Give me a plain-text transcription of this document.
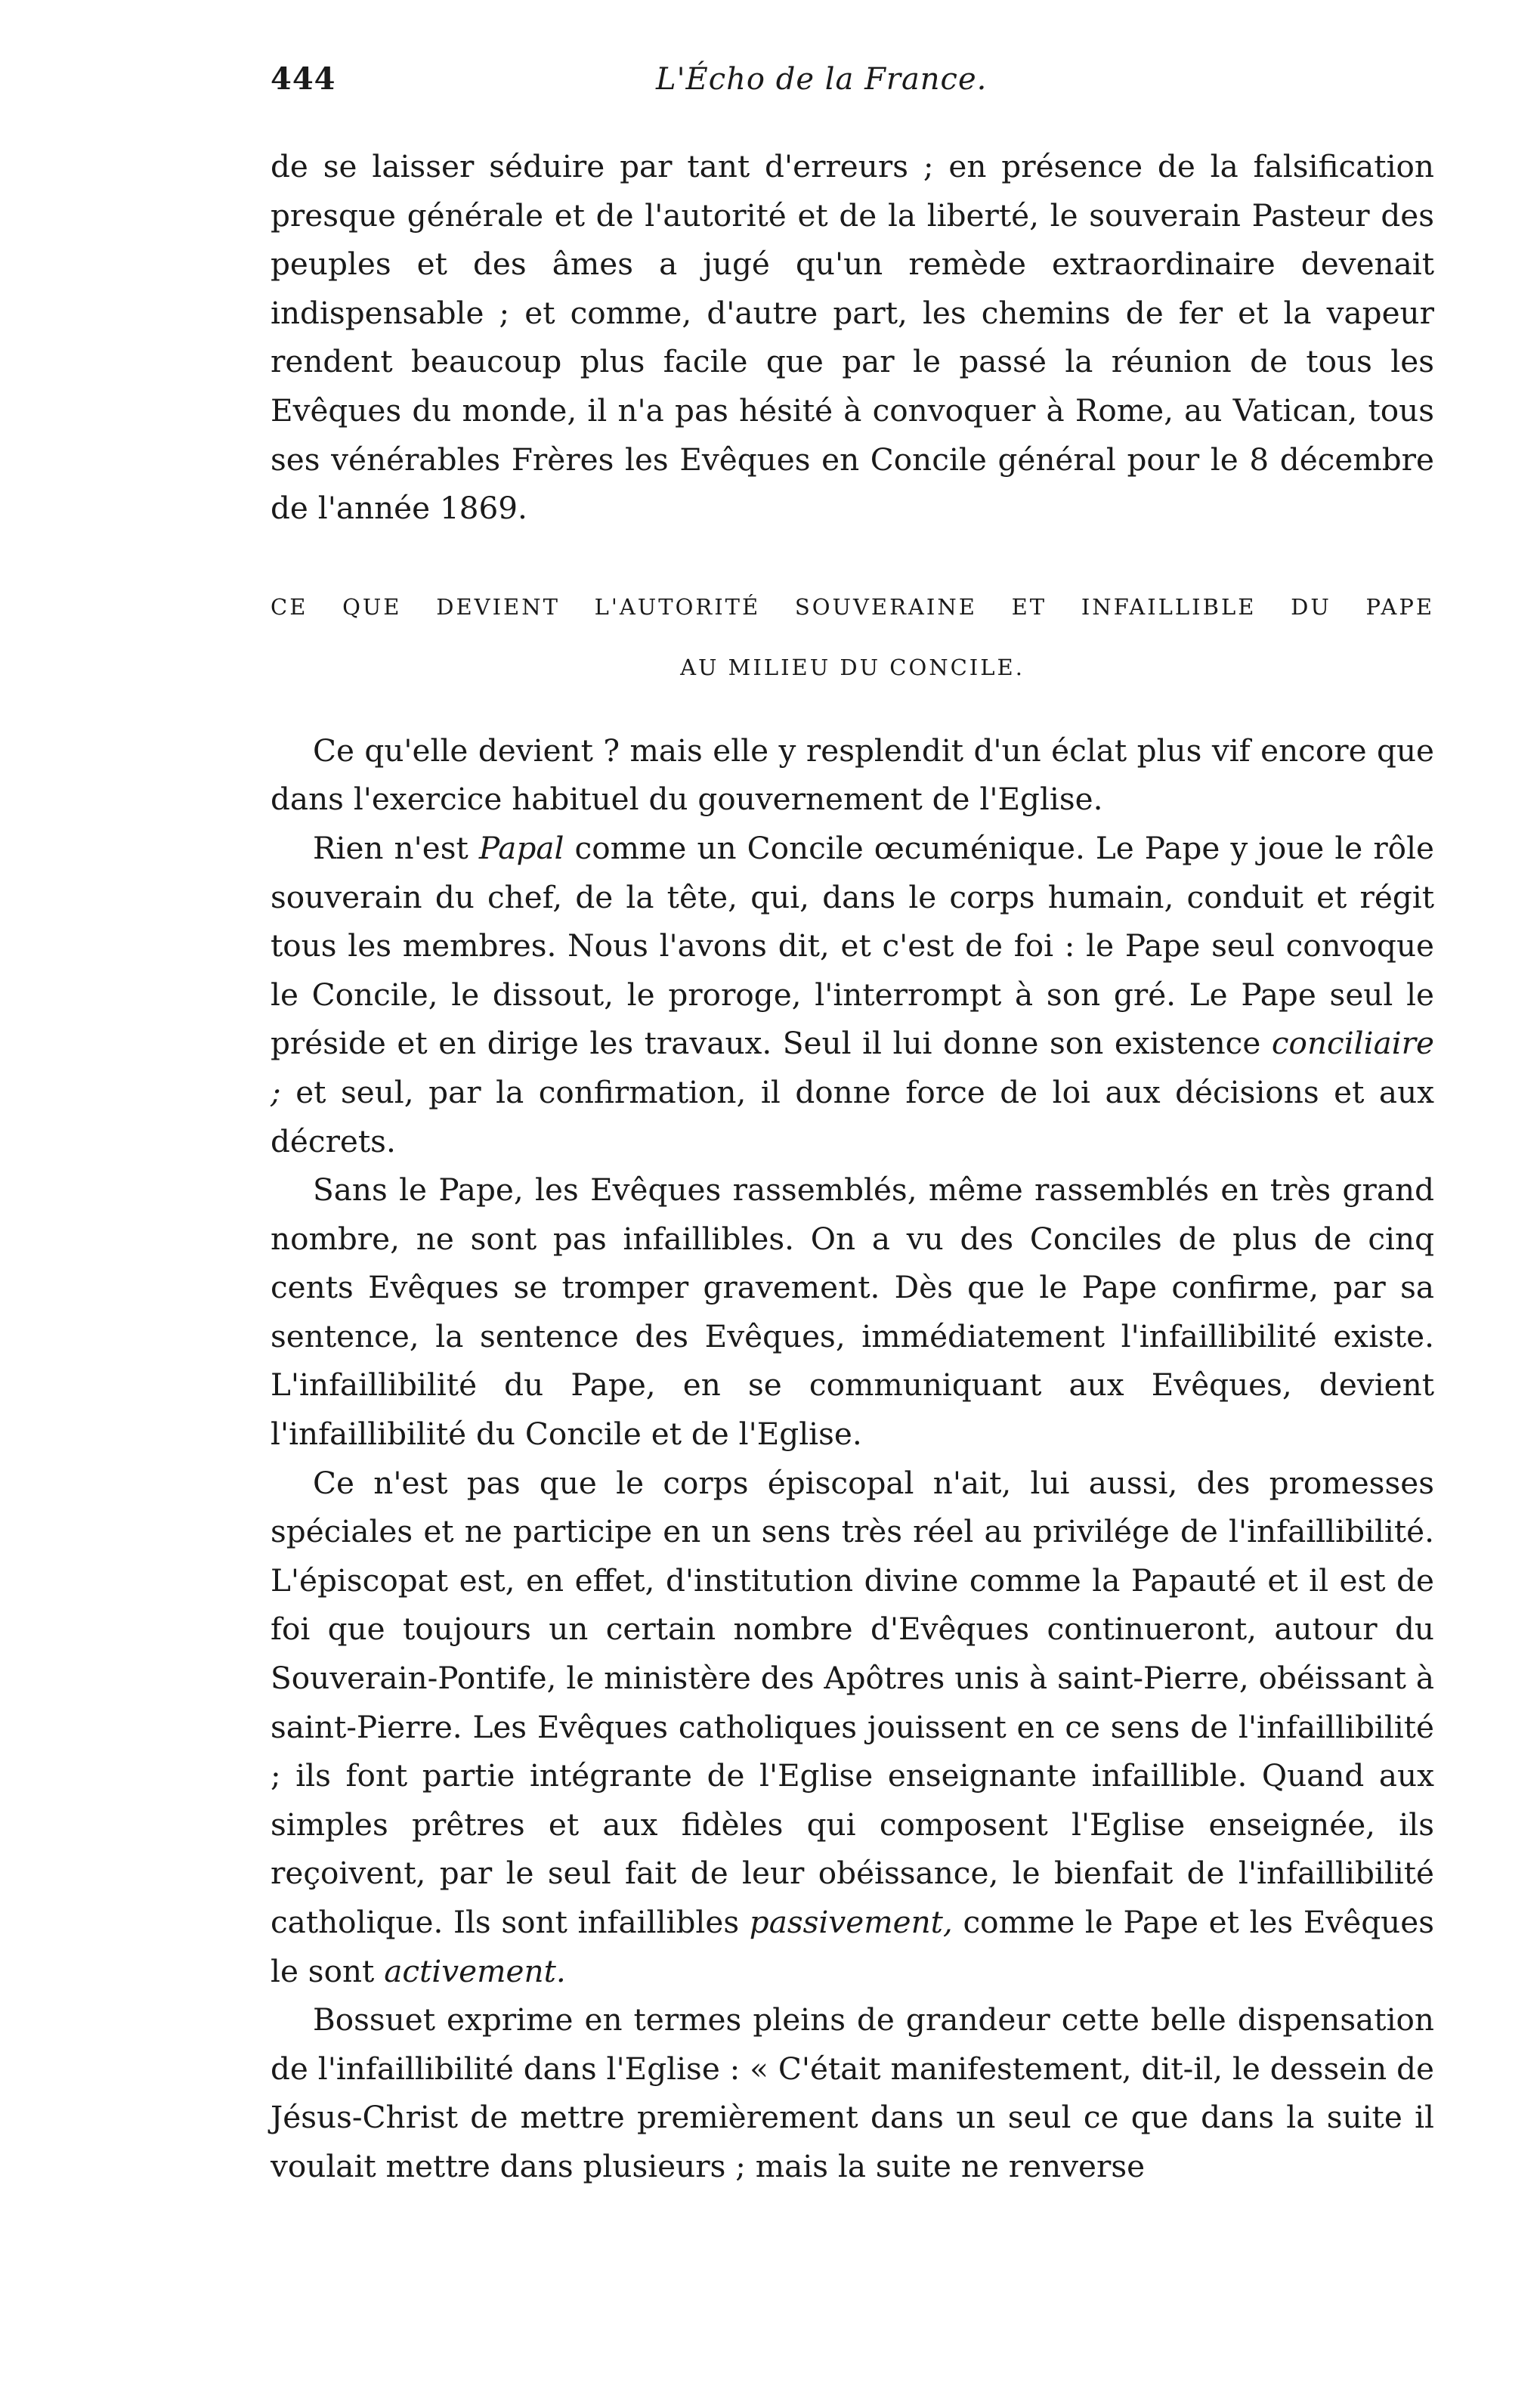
444	L'Écho de la France.

de se laisser séduire par tant d'erreurs ; en présence de la falsification presque générale et de l'autorité et de la liberté, le souverain Pasteur des peuples et des âmes a jugé qu'un remède extraordinaire devenait indispensable ; et comme, d'autre part, les chemins de fer et la vapeur rendent beaucoup plus facile que par le passé la réunion de tous les Evêques du monde, il n'a pas hésité à convoquer à Rome, au Vatican, tous ses vénérables Frères les Evêques en Concile général pour le 8 décembre de l'année 1869.

CE QUE DEVIENT L'AUTORITÉ SOUVERAINE ET INFAILLIBLE DU PAPE
AU MILIEU DU CONCILE.

Ce qu'elle devient ? mais elle y resplendit d'un éclat plus vif encore que dans l'exercice habituel du gouvernement de l'Eglise.

Rien n'est Papal comme un Concile œcuménique. Le Pape y joue le rôle souverain du chef, de la tête, qui, dans le corps humain, conduit et régit tous les membres. Nous l'avons dit, et c'est de foi : le Pape seul convoque le Concile, le dissout, le proroge, l'interrompt à son gré. Le Pape seul le préside et en dirige les travaux. Seul il lui donne son existence conciliaire ; et seul, par la confirmation, il donne force de loi aux décisions et aux décrets.

Sans le Pape, les Evêques rassemblés, même rassemblés en très grand nombre, ne sont pas infaillibles. On a vu des Conciles de plus de cinq cents Evêques se tromper gravement. Dès que le Pape confirme, par sa sentence, la sentence des Evêques, immédiatement l'infaillibilité existe. L'infaillibilité du Pape, en se communiquant aux Evêques, devient l'infaillibilité du Concile et de l'Eglise.

Ce n'est pas que le corps épiscopal n'ait, lui aussi, des promesses spéciales et ne participe en un sens très réel au privilége de l'infaillibilité. L'épiscopat est, en effet, d'institution divine comme la Papauté et il est de foi que toujours un certain nombre d'Evêques continueront, autour du Souverain-Pontife, le ministère des Apôtres unis à saint-Pierre, obéissant à saint-Pierre. Les Evêques catholiques jouissent en ce sens de l'infaillibilité ; ils font partie intégrante de l'Eglise enseignante infaillible. Quand aux simples prêtres et aux fidèles qui composent l'Eglise enseignée, ils reçoivent, par le seul fait de leur obéissance, le bienfait de l'infaillibilité catholique. Ils sont infaillibles passivement, comme le Pape et les Evêques le sont activement.

Bossuet exprime en termes pleins de grandeur cette belle dispensation de l'infaillibilité dans l'Eglise : « C'était manifestement, dit-il, le dessein de Jésus-Christ de mettre premièrement dans un seul ce que dans la suite il voulait mettre dans plusieurs ; mais la suite ne renverse
